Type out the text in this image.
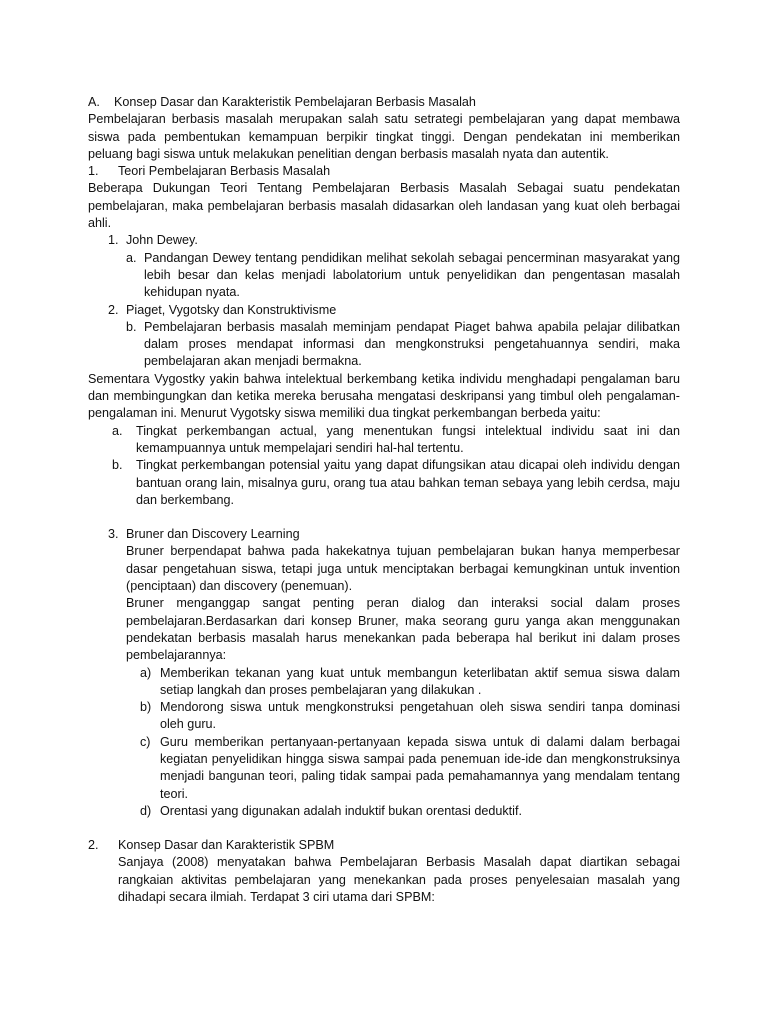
A.	Konsep Dasar dan Karakteristik Pembelajaran Berbasis Masalah

Pembelajaran berbasis masalah merupakan salah satu setrategi pembelajaran yang dapat membawa siswa pada pembentukan kemampuan berpikir tingkat tinggi. Dengan pendekatan ini memberikan peluang bagi siswa untuk melakukan penelitian dengan berbasis masalah nyata dan autentik.

1.	Teori Pembelajaran Berbasis Masalah

Beberapa Dukungan Teori Tentang Pembelajaran Berbasis Masalah Sebagai suatu pendekatan pembelajaran, maka pembelajaran berbasis masalah didasarkan oleh landasan yang kuat oleh berbagai ahli.

1. John Dewey.
a. Pandangan Dewey tentang pendidikan melihat sekolah sebagai pencerminan masyarakat yang lebih besar dan kelas menjadi labolatorium untuk penyelidikan dan pengentasan masalah kehidupan nyata.
2. Piaget, Vygotsky dan Konstruktivisme
b. Pembelajaran berbasis masalah meminjam pendapat Piaget bahwa apabila pelajar dilibatkan dalam proses mendapat informasi dan mengkonstruksi pengetahuannya sendiri, maka pembelajaran akan menjadi bermakna.

Sementara Vygostky yakin bahwa intelektual berkembang ketika individu menghadapi pengalaman baru dan membingungkan dan ketika mereka berusaha mengatasi deskripansi yang timbul oleh pengalaman-pengalaman ini. Menurut Vygotsky siswa memiliki dua tingkat perkembangan berbeda yaitu:

a.	Tingkat perkembangan actual, yang menentukan fungsi intelektual individu saat ini dan kemampuannya untuk mempelajari sendiri hal-hal tertentu.
b.	Tingkat perkembangan potensial yaitu yang dapat difungsikan atau dicapai oleh individu dengan bantuan orang lain, misalnya guru, orang tua atau bahkan teman sebaya yang lebih cerdsa, maju dan berkembang.
3. Bruner dan Discovery Learning

Bruner berpendapat bahwa pada hakekatnya tujuan pembelajaran bukan hanya memperbesar dasar pengetahuan siswa, tetapi juga untuk menciptakan berbagai kemungkinan untuk invention (penciptaan) dan discovery (penemuan).

Bruner menganggap sangat penting peran dialog dan interaksi social dalam proses pembelajaran.Berdasarkan dari konsep Bruner, maka seorang guru yanga akan menggunakan pendekatan berbasis masalah harus menekankan pada beberapa hal berikut ini dalam proses pembelajarannya:

a) Memberikan tekanan yang kuat untuk membangun keterlibatan aktif semua siswa dalam setiap langkah dan proses pembelajaran yang dilakukan .
b) Mendorong siswa untuk mengkonstruksi pengetahuan oleh siswa sendiri tanpa dominasi oleh guru.
c) Guru memberikan pertanyaan-pertanyaan kepada siswa untuk di dalami dalam berbagai kegiatan penyelidikan hingga siswa sampai pada penemuan ide-ide dan mengkonstruksinya menjadi bangunan teori, paling tidak sampai pada pemahamannya yang mendalam tentang teori.
d) Orentasi yang digunakan adalah induktif bukan orentasi deduktif.
2.	Konsep Dasar dan Karakteristik SPBM

Sanjaya (2008) menyatakan bahwa Pembelajaran Berbasis Masalah dapat diartikan sebagai rangkaian aktivitas pembelajaran yang menekankan pada proses penyelesaian masalah yang dihadapi secara ilmiah. Terdapat 3 ciri utama dari SPBM:
